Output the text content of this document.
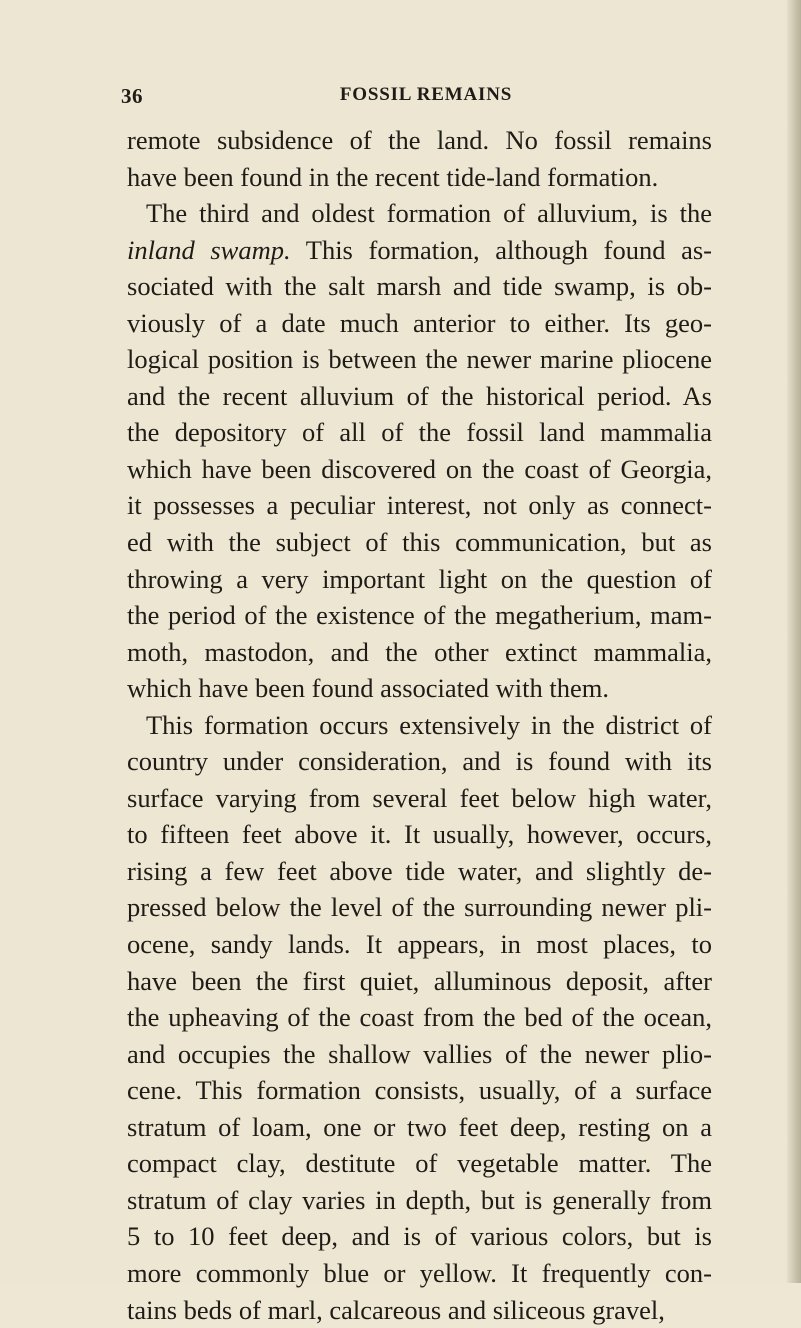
36	FOSSIL REMAINS
remote subsidence of the land. No fossil remains
have been found in the recent tide-land formation.
The third and oldest formation of alluvium, is the
inland swamp. This formation, although found as-
sociated with the salt marsh and tide swamp, is ob-
viously of a date much anterior to either. Its geo-
logical position is between the newer marine pliocene
and the recent alluvium of the historical period. As
the depository of all of the fossil land mammalia
which have been discovered on the coast of Georgia,
it possesses a peculiar interest, not only as connect-
ed with the subject of this communication, but as
throwing a very important light on the question of
the period of the existence of the megatherium, mam-
moth, mastodon, and the other extinct mammalia,
which have been found associated with them.
This formation occurs extensively in the district of
country under consideration, and is found with its
surface varying from several feet below high water,
to fifteen feet above it. It usually, however, occurs,
rising a few feet above tide water, and slightly de-
pressed below the level of the surrounding newer pli-
ocene, sandy lands. It appears, in most places, to
have been the first quiet, alluminous deposit, after
the upheaving of the coast from the bed of the ocean,
and occupies the shallow vallies of the newer plio-
cene. This formation consists, usually, of a surface
stratum of loam, one or two feet deep, resting on a
compact clay, destitute of vegetable matter. The
stratum of clay varies in depth, but is generally from
5 to 10 feet deep, and is of various colors, but is
more commonly blue or yellow. It frequently con-
tains beds of marl, calcareous and siliceous gravel,
